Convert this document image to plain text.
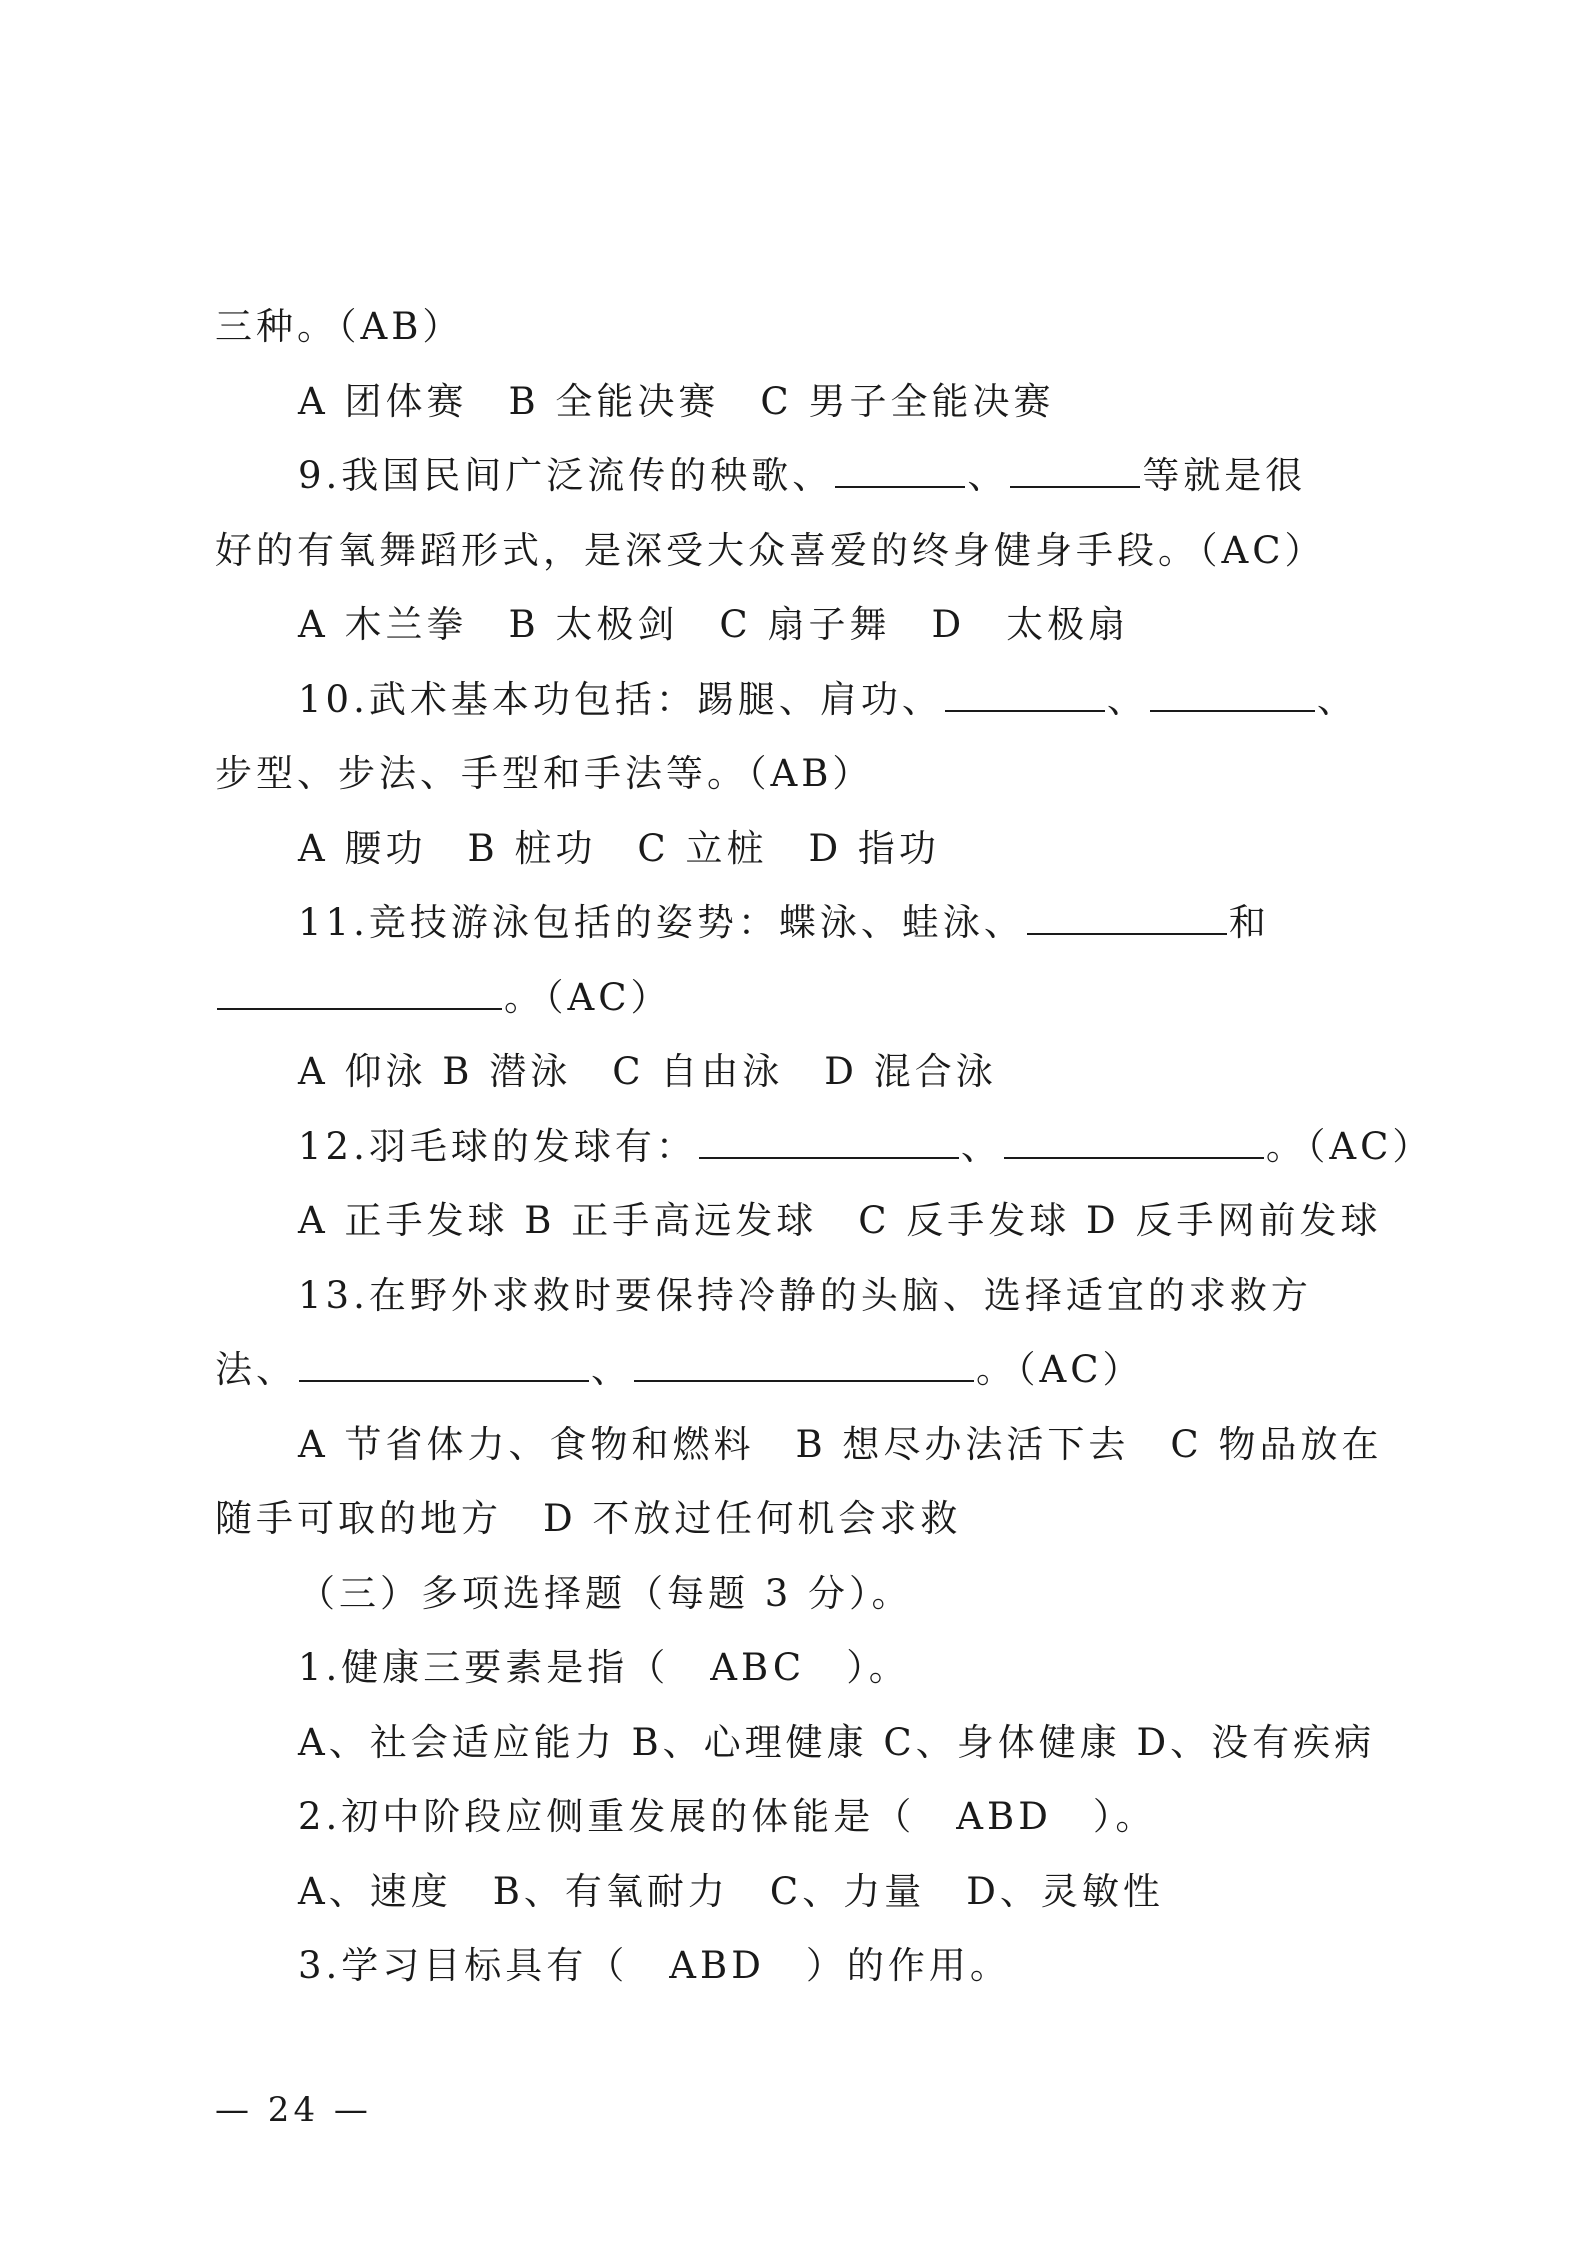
三种。（AB）
A 团体赛　B 全能决赛　C 男子全能决赛
9.我国民间广泛流传的秧歌、	、	等就是很
好的有氧舞蹈形式，是深受大众喜爱的终身健身手段。（AC）
A 木兰拳　B 太极剑　C 扇子舞　D　太极扇
10.武术基本功包括：踢腿、肩功、	、	、
步型、步法、手型和手法等。（AB）
A 腰功　B 桩功　C 立桩　D 指功
11.竞技游泳包括的姿势：蝶泳、蛙泳、	和
。（AC）
A 仰泳 B 潜泳　C 自由泳　D 混合泳
12.羽毛球的发球有：	、	。（AC）
A 正手发球 B 正手高远发球　C 反手发球 D 反手网前发球
13.在野外求救时要保持冷静的头脑、选择适宜的求救方
法、	、	。（AC）
A 节省体力、食物和燃料　B 想尽办法活下去　C 物品放在
随手可取的地方　D 不放过任何机会求救
（三）多项选择题（每题 3 分）。
1.健康三要素是指（　ABC　）。
A、社会适应能力 B、心理健康 C、身体健康 D、没有疾病
2.初中阶段应侧重发展的体能是（　ABD　）。
A、速度　B、有氧耐力　C、力量　D、灵敏性
3.学习目标具有（　ABD　）的作用。
— 24 —
